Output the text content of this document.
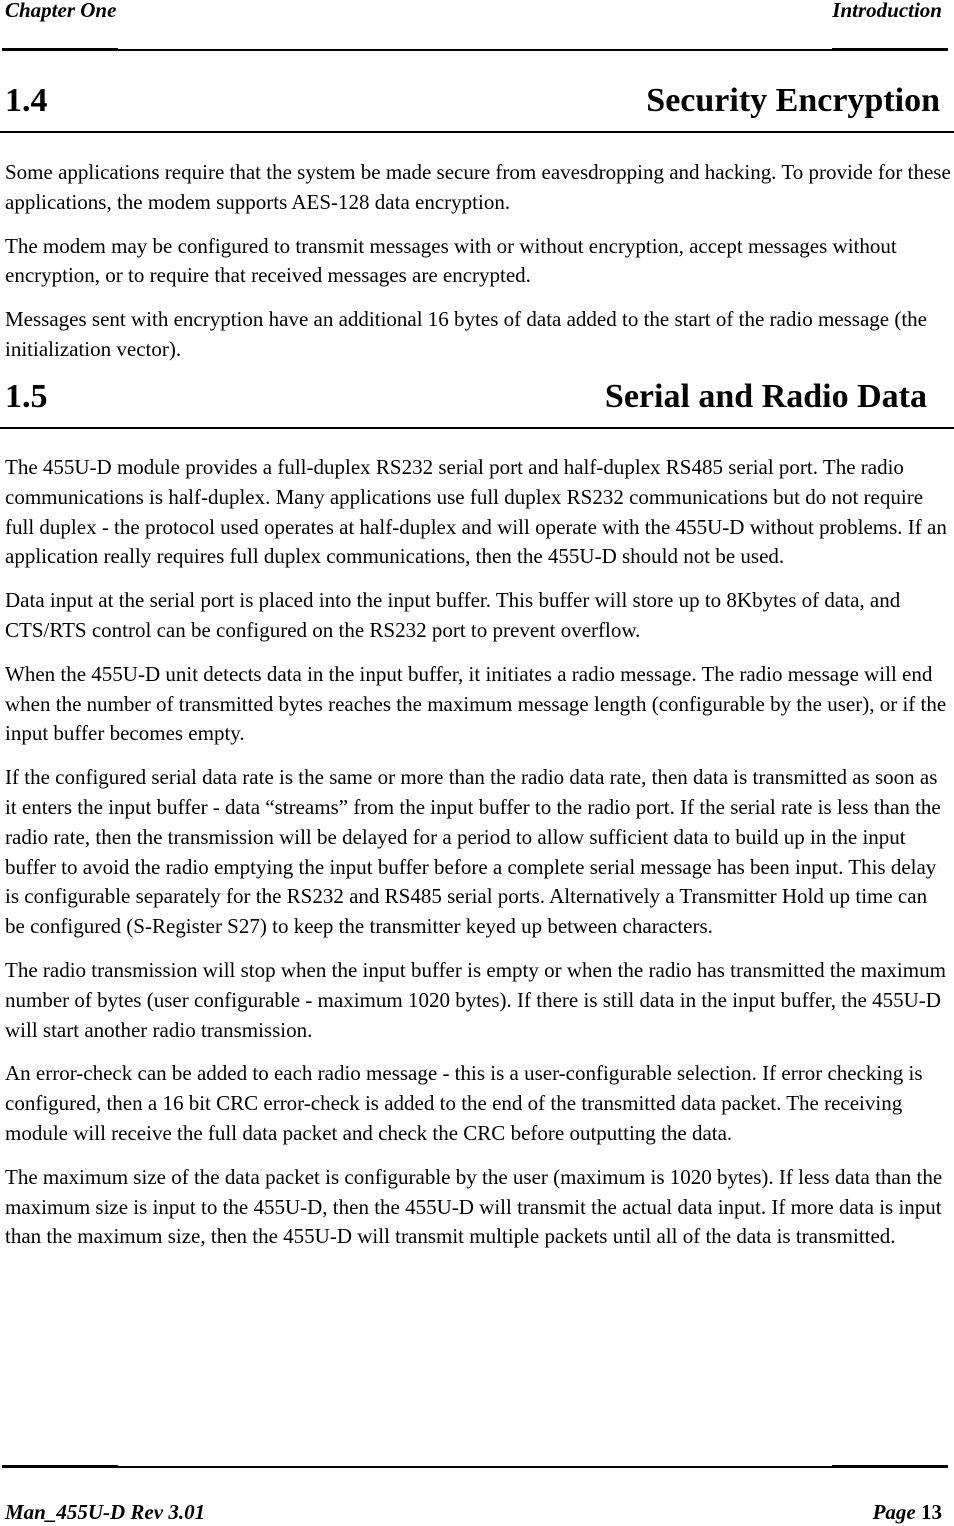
Chapter One	Introduction
1.4	Security Encryption

Some applications require that the system be made secure from eavesdropping and hacking. To provide for these applications, the modem supports AES-128 data encryption.

The modem may be configured to transmit messages with or without encryption, accept messages without encryption, or to require that received messages are encrypted.

Messages sent with encryption have an additional 16 bytes of data added to the start of the radio message (the initialization vector).

1.5	Serial and Radio Data

The 455U-D module provides a full-duplex RS232 serial port and half-duplex RS485 serial port. The radio communications is half-duplex. Many applications use full duplex RS232 communications but do not require full duplex - the protocol used operates at half-duplex and will operate with the 455U-D without problems. If an application really requires full duplex communications, then the 455U-D should not be used.

Data input at the serial port is placed into the input buffer. This buffer will store up to 8Kbytes of data, and CTS/RTS control can be configured on the RS232 port to prevent overflow.

When the 455U-D unit detects data in the input buffer, it initiates a radio message. The radio message will end when the number of transmitted bytes reaches the maximum message length (configurable by the user), or if the input buffer becomes empty.

If the configured serial data rate is the same or more than the radio data rate, then data is transmitted as soon as it enters the input buffer - data “streams” from the input buffer to the radio port. If the serial rate is less than the radio rate, then the transmission will be delayed for a period to allow sufficient data to build up in the input buffer to avoid the radio emptying the input buffer before a complete serial message has been input. This delay is configurable separately for the RS232 and RS485 serial ports. Alternatively a Transmitter Hold up time can be configured (S-Register S27) to keep the transmitter keyed up between characters.

The radio transmission will stop when the input buffer is empty or when the radio has transmitted the maximum number of bytes (user configurable - maximum 1020 bytes). If there is still data in the input buffer, the 455U-D will start another radio transmission.

An error-check can be added to each radio message - this is a user-configurable selection. If error checking is configured, then a 16 bit CRC error-check is added to the end of the transmitted data packet. The receiving module will receive the full data packet and check the CRC before outputting the data.

The maximum size of the data packet is configurable by the user (maximum is 1020 bytes). If less data than the maximum size is input to the 455U-D, then the 455U-D will transmit the actual data input. If more data is input than the maximum size, then the 455U-D will transmit multiple packets until all of the data is transmitted.

Man_455U-D Rev 3.01	Page 13
